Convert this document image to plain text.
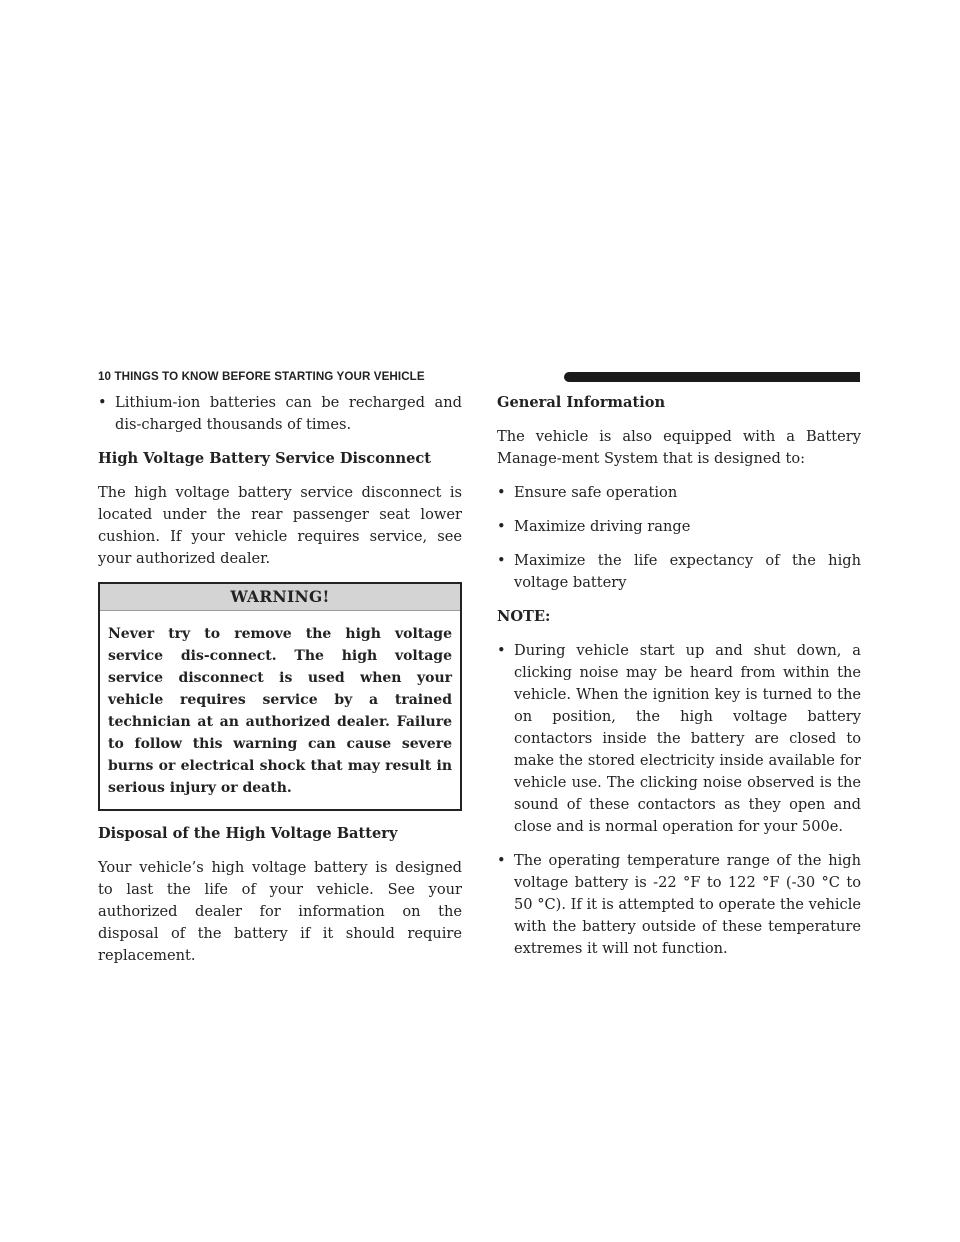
10 THINGS TO KNOW BEFORE STARTING YOUR VEHICLE
• Lithium-ion batteries can be recharged and dis-charged thousands of times.
High Voltage Battery Service Disconnect
The high voltage battery service disconnect is located under the rear passenger seat lower cushion. If your vehicle requires service, see your authorized dealer.
WARNING!
Never try to remove the high voltage service dis-connect. The high voltage service disconnect is used when your vehicle requires service by a trained technician at an authorized dealer. Failure to follow this warning can cause severe burns or electrical shock that may result in serious injury or death.
Disposal of the High Voltage Battery
Your vehicle’s high voltage battery is designed to last the life of your vehicle. See your authorized dealer for information on the disposal of the battery if it should require replacement.
General Information
The vehicle is also equipped with a Battery Manage-ment System that is designed to:
• Ensure safe operation
• Maximize driving range
• Maximize the life expectancy of the high voltage battery
NOTE:
• During vehicle start up and shut down, a clicking noise may be heard from within the vehicle. When the ignition key is turned to the on position, the high voltage battery contactors inside the battery are closed to make the stored electricity inside available for vehicle use. The clicking noise observed is the sound of these contactors as they open and close and is normal operation for your 500e.
• The operating temperature range of the high voltage battery is -22 °F to 122 °F (-30 °C to 50 °C). If it is attempted to operate the vehicle with the battery outside of these temperature extremes it will not function.
